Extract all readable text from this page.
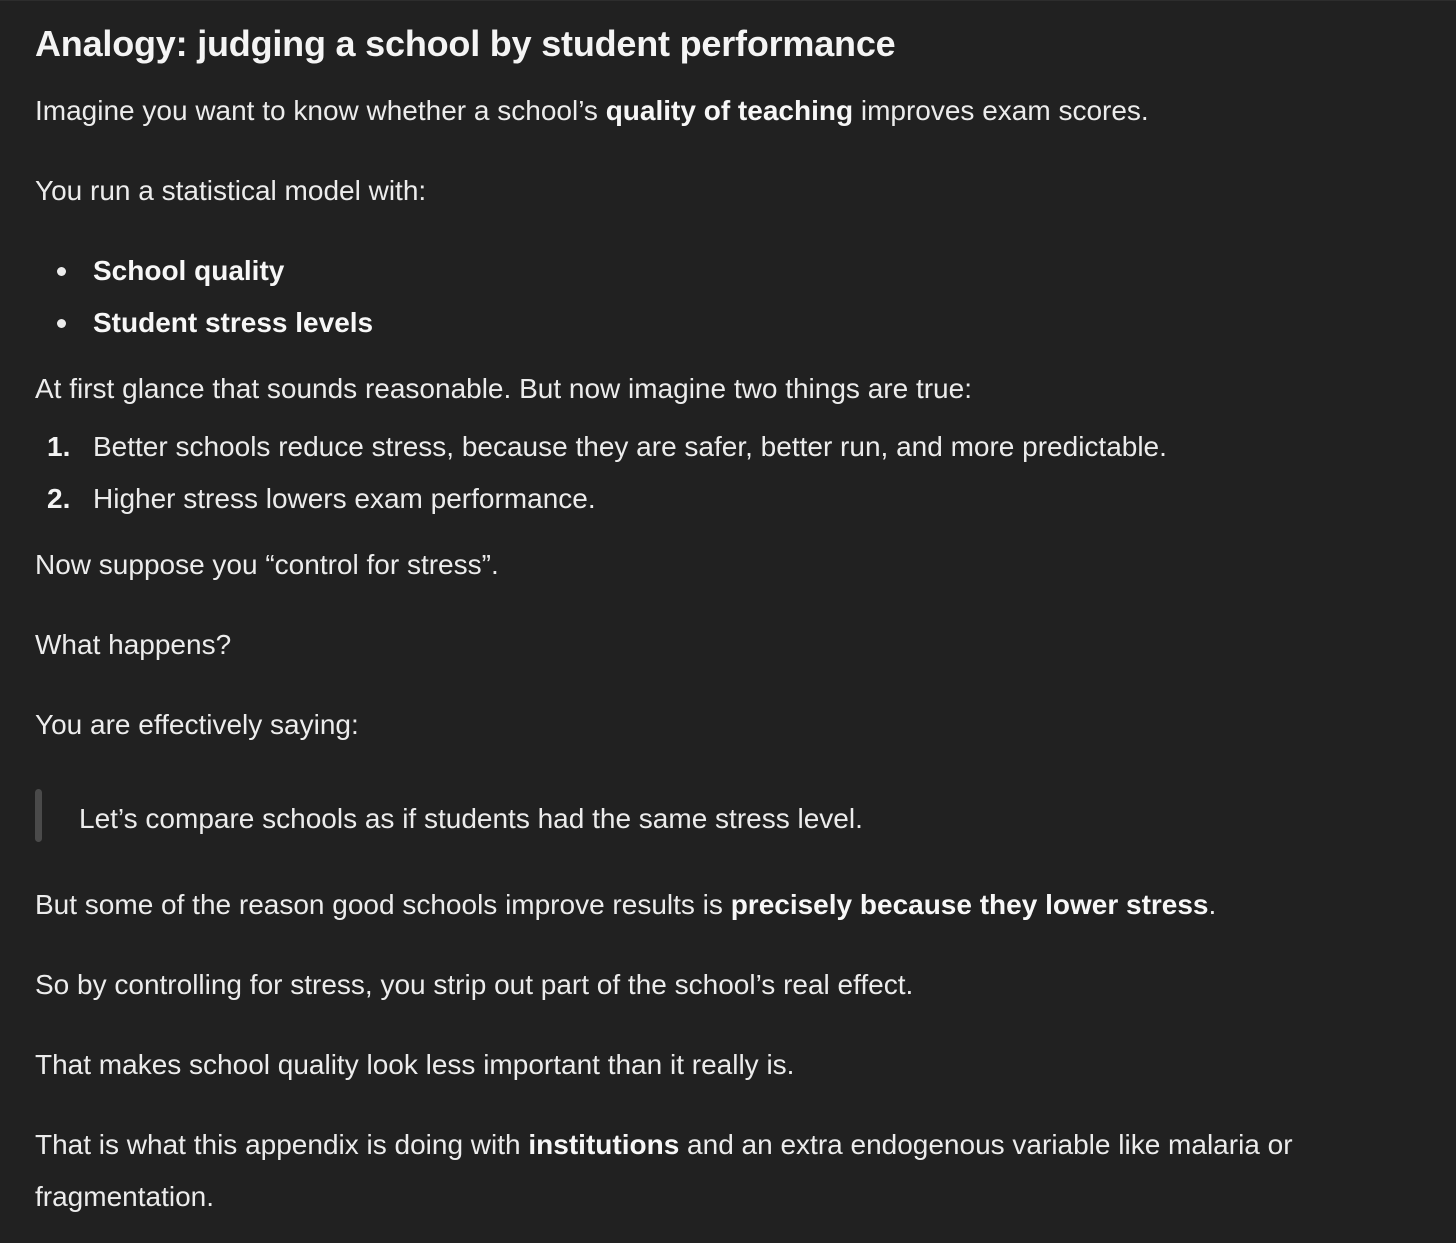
Analogy: judging a school by student performance

Imagine you want to know whether a school’s quality of teaching improves exam scores.

You run a statistical model with:

School quality
Student stress levels

At first glance that sounds reasonable. But now imagine two things are true:

1. Better schools reduce stress, because they are safer, better run, and more predictable.
2. Higher stress lowers exam performance.

Now suppose you “control for stress”.

What happens?

You are effectively saying:

Let’s compare schools as if students had the same stress level.

But some of the reason good schools improve results is precisely because they lower stress.

So by controlling for stress, you strip out part of the school’s real effect.

That makes school quality look less important than it really is.

That is what this appendix is doing with institutions and an extra endogenous variable like malaria or fragmentation.
